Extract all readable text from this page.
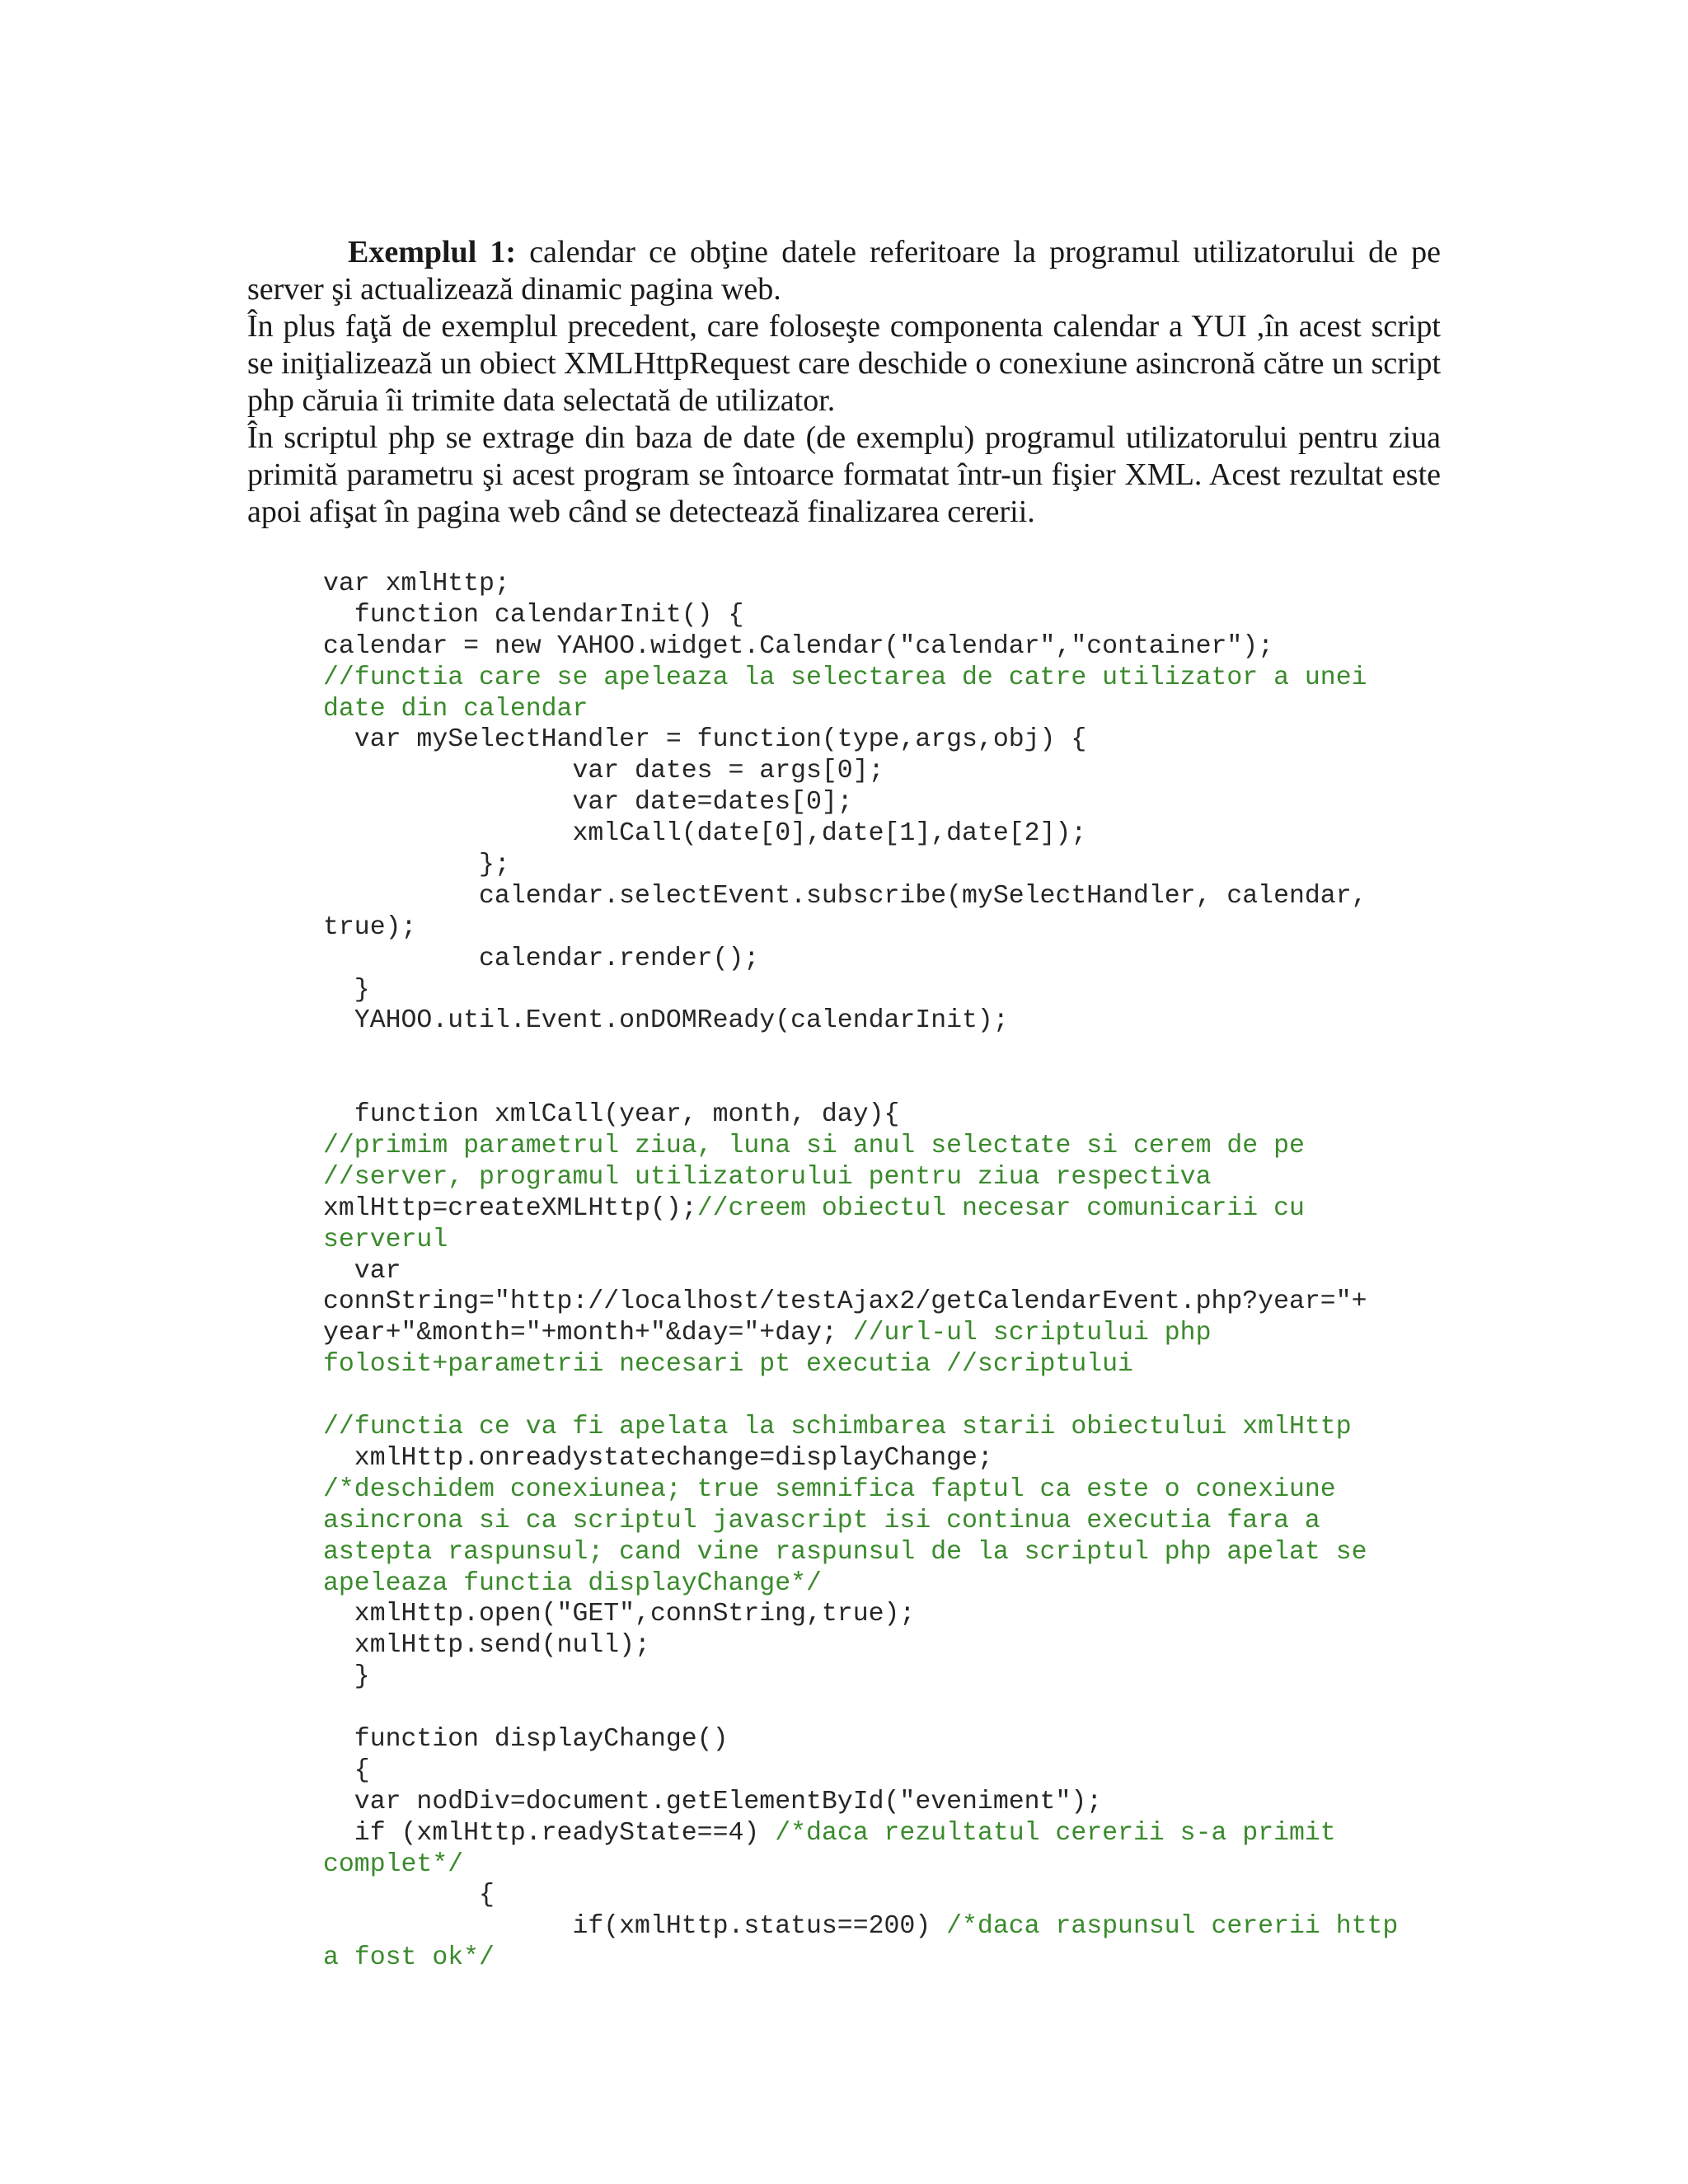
Exemplul 1: calendar ce obţine datele referitoare la programul utilizatorului de pe server şi actualizează dinamic pagina web.

În plus faţă de exemplul precedent, care foloseşte componenta calendar a YUI ,în acest script se iniţializează un obiect XMLHttpRequest care deschide o conexiune asincronă către un script php căruia îi trimite data selectată de utilizator.

În scriptul php se extrage din baza de date (de exemplu) programul utilizatorului pentru ziua primită parametru şi acest program se întoarce formatat într-un fişier XML. Acest rezultat este apoi afişat în pagina web când se detectează finalizarea cererii.

var xmlHttp;
function calendarInit() {
calendar = new YAHOO.widget.Calendar("calendar","container");
//functia care se apeleaza la selectarea de catre utilizator a unei
date din calendar
var mySelectHandler = function(type,args,obj) {
var dates = args[0];
var date=dates[0];
xmlCall(date[0],date[1],date[2]);
};
calendar.selectEvent.subscribe(mySelectHandler, calendar,
true);
calendar.render();
}
YAHOO.util.Event.onDOMReady(calendarInit);
function xmlCall(year, month, day){
//primim parametrul ziua, luna si anul selectate si cerem de pe
//server, programul utilizatorului pentru ziua respectiva
xmlHttp=createXMLHttp();//creem obiectul necesar comunicarii cu
serverul
var
connString="http://localhost/testAjax2/getCalendarEvent.php?year="+
year+"&month="+month+"&day="+day; //url-ul scriptului php
folosit+parametrii necesari pt executia //scriptului
//functia ce va fi apelata la schimbarea starii obiectului xmlHttp
xmlHttp.onreadystatechange=displayChange;
/*deschidem conexiunea; true semnifica faptul ca este o conexiune
asincrona si ca scriptul javascript isi continua executia fara a
astepta raspunsul; cand vine raspunsul de la scriptul php apelat se
apeleaza functia displayChange*/
xmlHttp.open("GET",connString,true);
xmlHttp.send(null);
}
function displayChange()
{
var nodDiv=document.getElementById("eveniment");
if (xmlHttp.readyState==4) /*daca rezultatul cererii s-a primit
complet*/
{
if(xmlHttp.status==200) /*daca raspunsul cererii http
a fost ok*/
